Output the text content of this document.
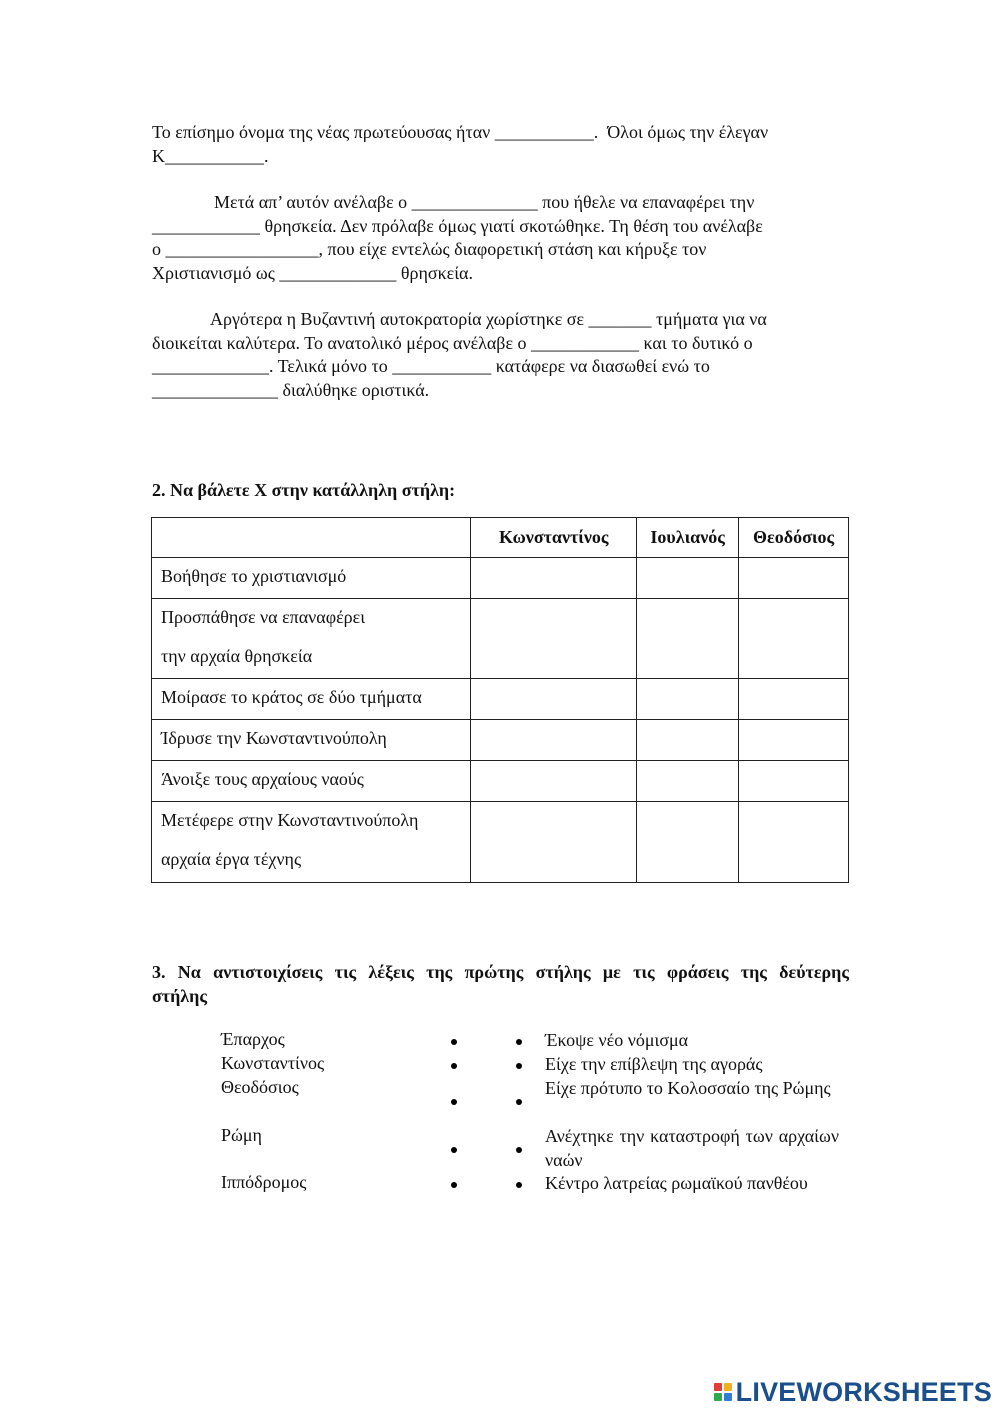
Το επίσημο όνομα της νέας πρωτεύουσας ήταν ___________.  Όλοι όμως την έλεγαν
Κ___________.
Μετά απ’ αυτόν ανέλαβε ο ______________ που ήθελε να επαναφέρει την
____________ θρησκεία. Δεν πρόλαβε όμως γιατί σκοτώθηκε. Τη θέση του ανέλαβε
ο _________________, που είχε εντελώς διαφορετική στάση και κήρυξε τον
Χριστιανισμό ως _____________ θρησκεία.
Αργότερα η Βυζαντινή αυτοκρατορία χωρίστηκε σε _______ τμήματα για να
διοικείται καλύτερα. Το ανατολικό μέρος ανέλαβε ο ____________ και το δυτικό ο
_____________. Τελικά μόνο το ___________ κατάφερε να διασωθεί ενώ το
______________ διαλύθηκε οριστικά.
2. Να βάλετε Χ στην κατάλληλη στήλη:
	Κωνσταντίνος	Ιουλιανός	Θεοδόσιος
Βοήθησε το χριστιανισμό			

Προσπάθησε να επαναφέρει
την αρχαία θρησκεία			

Μοίρασε το κράτος σε δύο τμήματα			
Ίδρυσε την Κωνσταντινούπολη			
Άνοιξε τους αρχαίους ναούς			

Μετέφερε στην Κωνσταντινούπολη
αρχαία έργα τέχνης			

3. Να αντιστοιχίσεις τις λέξεις της πρώτης στήλης με τις φράσεις της δεύτερης
στήλης
Έπαρχος	Έκοψε νέο νόμισμα
Κωνσταντίνος	Είχε την επίβλεψη της αγοράς
Θεοδόσιος	Είχε πρότυπο το Κολοσσαίο της Ρώμης
Ρώμη	Ανέχτηκε την καταστροφή των αρχαίων ναών
Ιππόδρομος	Κέντρο λατρείας ρωμαϊκού πανθέου
LIVEWORKSHEETS
